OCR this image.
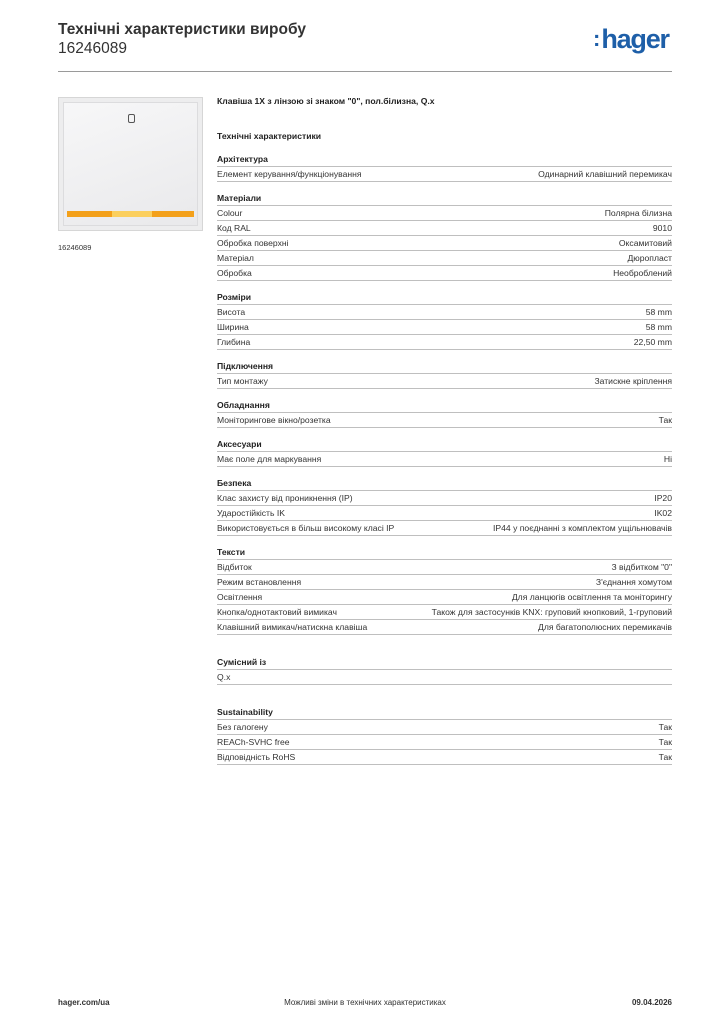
Технічні характеристики виробу
16246089	:hager
16246089
Клавіша 1X з лінзою зі знаком "0", пол.білизна, Q.x
Технічні характеристики
Архітектура
Елемент керування/функціонування	Одинарний клавішний перемикач
Матеріали
Colour	Полярна білизна
Код RAL	9010
Обробка поверхні	Оксамитовий
Матеріал	Дюропласт
Обробка	Необроблений
Розміри
Висота	58 mm
Ширина	58 mm
Глибина	22,50 mm
Підключення
Тип монтажу	Затискне кріплення
Обладнання
Моніторингове вікно/розетка	Так
Аксесуари
Має поле для маркування	Ні
Безпека
Клас захисту від проникнення (IP)	IP20
Ударостійкість IK	IK02
Використовується в більш високому класі IP	IP44 у поєднанні з комплектом ущільнювачів
Тексти
Відбиток	З відбитком "0"
Режим встановлення	З'єднання хомутом
Освітлення	Для ланцюгів освітлення та моніторингу
Кнопка/однотактовий вимикач	Також для застосунків KNX: груповий кнопковий, 1-груповий
Клавішний вимикач/натискна клавіша	Для багатополюсних перемикачів
Сумісний із
Q.x
Sustainability
Без галогену	Так
REACh-SVHC free	Так
Відповідність RoHS	Так
hager.com/ua	Можливі зміни в технічних характеристиках	09.04.2026
